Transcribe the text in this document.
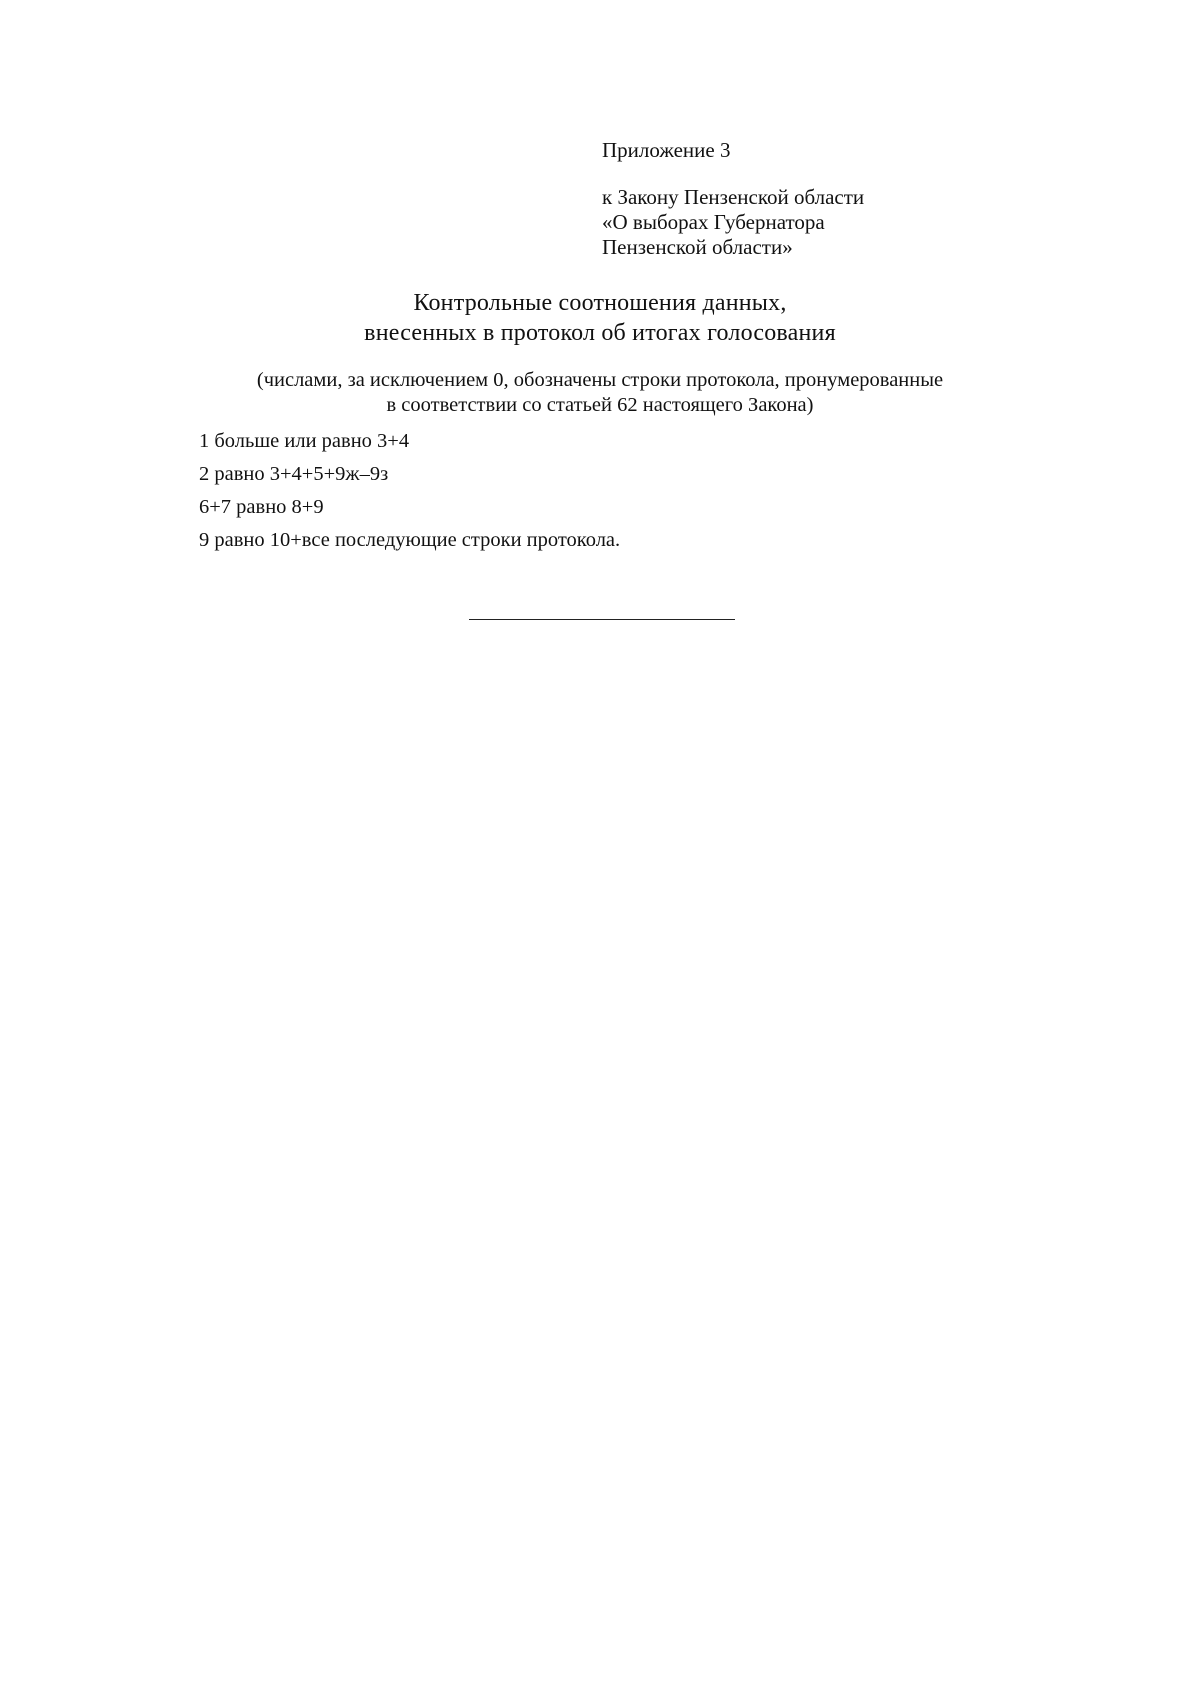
Приложение 3

к Закону Пензенской области

«О выборах Губернатора

Пензенской области»

Контрольные соотношения данных,

внесенных в протокол об итогах голосования

(числами, за исключением 0, обозначены строки протокола, пронумерованные

в соответствии со статьей 62 настоящего Закона)

1 больше или равно 3+4
2 равно 3+4+5+9ж–9з
6+7 равно 8+9
9 равно 10+все последующие строки протокола.
